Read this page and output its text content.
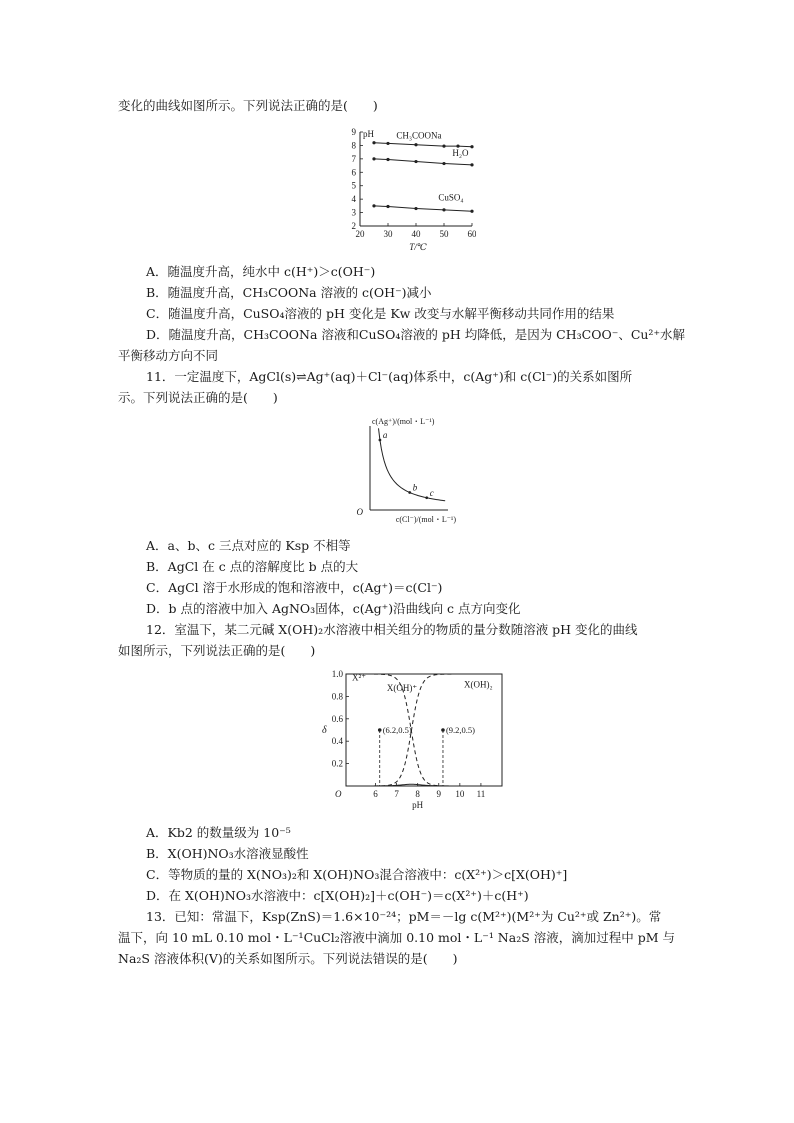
变化的曲线如图所示。下列说法正确的是(　　)
2
3
4
5
6
7
8
9
20 30 40 50 60
pH
T/℃
CH₃COONa
H₂O
CuSO₄
A．随温度升高，纯水中 c(H⁺)＞c(OH⁻)
B．随温度升高，CH₃COONa 溶液的 c(OH⁻)减小
C．随温度升高，CuSO₄溶液的 pH 变化是 Kw 改变与水解平衡移动共同作用的结果
D．随温度升高，CH₃COONa 溶液和CuSO₄溶液的 pH 均降低，是因为 CH₃COO⁻、Cu²⁺水解
平衡移动方向不同
11．一定温度下，AgCl(s)⇌Ag⁺(aq)＋Cl⁻(aq)体系中，c(Ag⁺)和 c(Cl⁻)的关系如图所
示。下列说法正确的是(　　)
c(Ag⁺)/(mol・L⁻¹)
c(Cl⁻)/(mol・L⁻¹)
O
a
b
c
A．a、b、c 三点对应的 Ksp 不相等
B．AgCl 在 c 点的溶解度比 b 点的大
C．AgCl 溶于水形成的饱和溶液中，c(Ag⁺)＝c(Cl⁻)
D．b 点的溶液中加入 AgNO₃固体，c(Ag⁺)沿曲线向 c 点方向变化
12．室温下，某二元碱 X(OH)₂水溶液中相关组分的物质的量分数随溶液 pH 变化的曲线
如图所示，下列说法正确的是(　　)
0.2
0.4
0.6
0.8
1.0
6 7 8 9 10 11
O
pH
δ
X²⁺
X(OH)⁺	X(OH)₂
(6.2,0.5)	(9.2,0.5)
A．Kb2 的数量级为 10⁻⁵
B．X(OH)NO₃水溶液显酸性
C．等物质的量的 X(NO₃)₂和 X(OH)NO₃混合溶液中：c(X²⁺)＞c[X(OH)⁺]
D．在 X(OH)NO₃水溶液中：c[X(OH)₂]＋c(OH⁻)＝c(X²⁺)＋c(H⁺)
13．已知：常温下，Ksp(ZnS)＝1.6×10⁻²⁴；pM＝－lg c(M²⁺)(M²⁺为 Cu²⁺或 Zn²⁺)。常
温下，向 10 mL 0.10 mol・L⁻¹CuCl₂溶液中滴加 0.10 mol・L⁻¹ Na₂S 溶液，滴加过程中 pM 与
Na₂S 溶液体积(V)的关系如图所示。下列说法错误的是(　　)
